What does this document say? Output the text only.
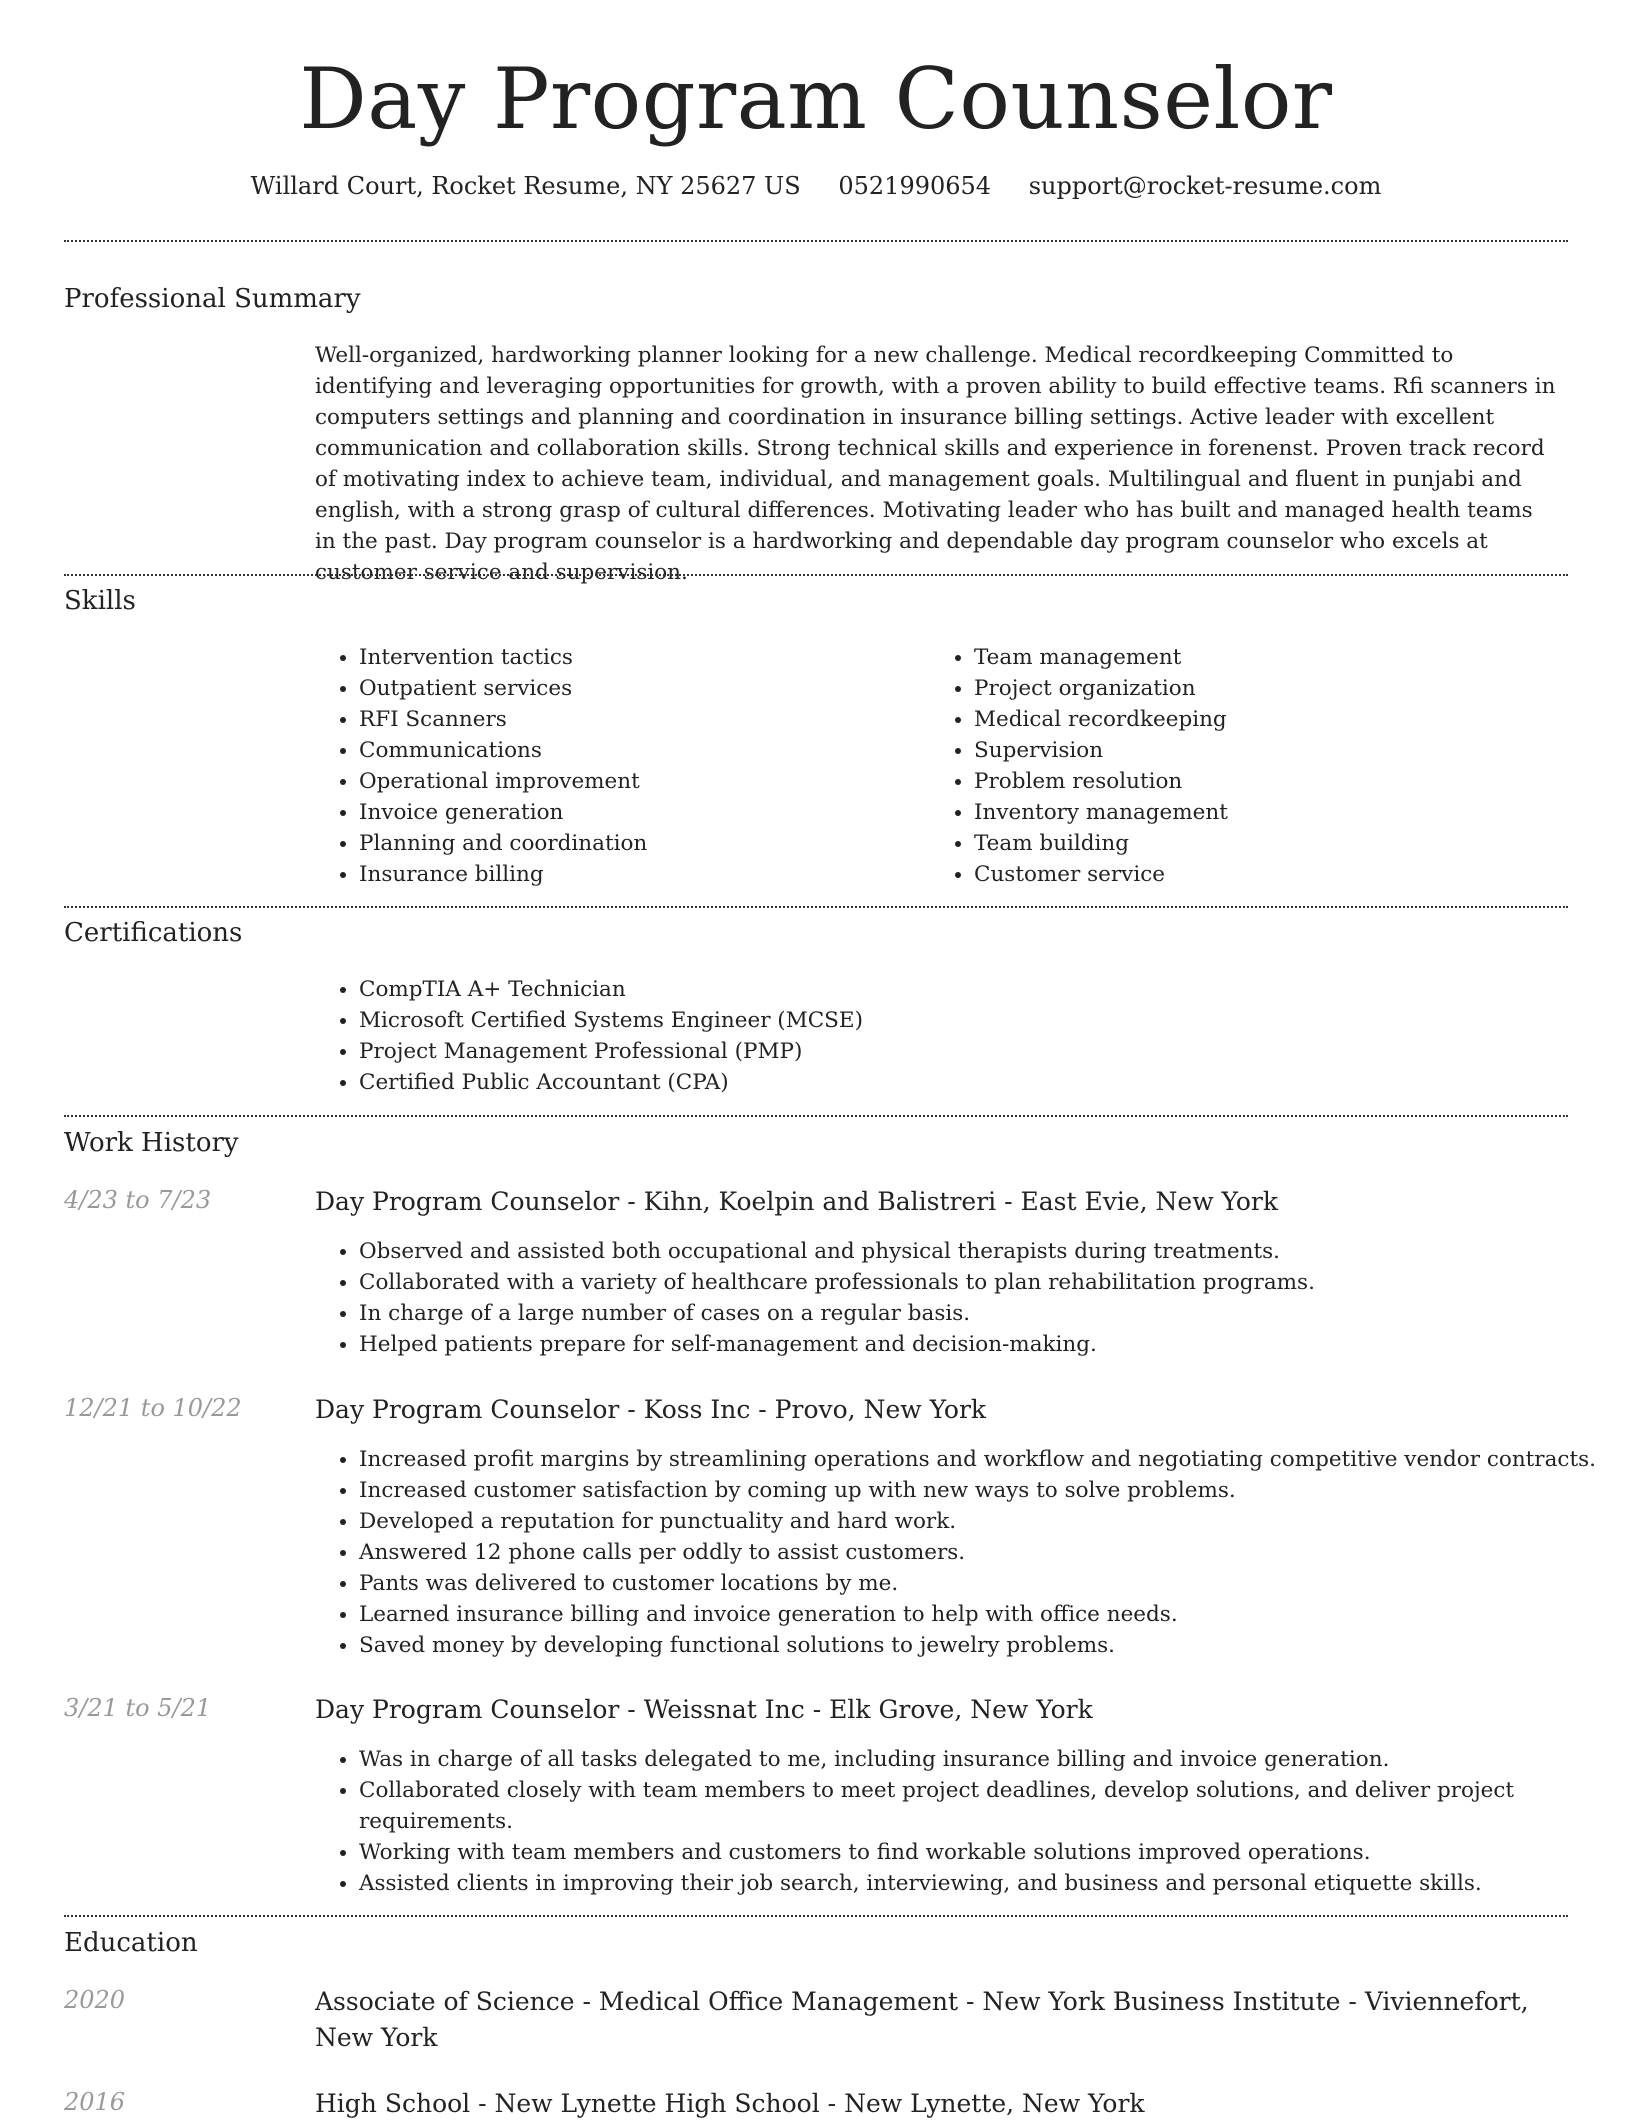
Day Program Counselor
Willard Court, Rocket Resume, NY 25627 US 0521990654 support@rocket-resume.com
Professional Summary

Well-organized, hardworking planner looking for a new challenge. Medical recordkeeping Committed to identifying and leveraging opportunities for growth, with a proven ability to build effective teams. Rfi scanners in computers settings and planning and coordination in insurance billing settings. Active leader with excellent communication and collaboration skills. Strong technical skills and experience in forenenst. Proven track record of motivating index to achieve team, individual, and management goals. Multilingual and fluent in punjabi and english, with a strong grasp of cultural differences. Motivating leader who has built and managed health teams in the past. Day program counselor is a hardworking and dependable day program counselor who excels at customer service and supervision.

Skills
• Intervention tactics
• Outpatient services
• RFI Scanners
• Communications
• Operational improvement
• Invoice generation
• Planning and coordination
• Insurance billing
• Team management
• Project organization
• Medical recordkeeping
• Supervision
• Problem resolution
• Inventory management
• Team building
• Customer service
Certifications
• CompTIA A+ Technician
• Microsoft Certified Systems Engineer (MCSE)
• Project Management Professional (PMP)
• Certified Public Accountant (CPA)
Work History
4/23 to 7/23	Day Program Counselor - Kihn, Koelpin and Balistreri - East Evie, New York
• Observed and assisted both occupational and physical therapists during treatments.
• Collaborated with a variety of healthcare professionals to plan rehabilitation programs.
• In charge of a large number of cases on a regular basis.
• Helped patients prepare for self-management and decision-making.
12/21 to 10/22	Day Program Counselor - Koss Inc - Provo, New York
• Increased profit margins by streamlining operations and workflow and negotiating competitive vendor contracts.
• Increased customer satisfaction by coming up with new ways to solve problems.
• Developed a reputation for punctuality and hard work.
• Answered 12 phone calls per oddly to assist customers.
• Pants was delivered to customer locations by me.
• Learned insurance billing and invoice generation to help with office needs.
• Saved money by developing functional solutions to jewelry problems.
3/21 to 5/21	Day Program Counselor - Weissnat Inc - Elk Grove, New York
• Was in charge of all tasks delegated to me, including insurance billing and invoice generation.
• Collaborated closely with team members to meet project deadlines, develop solutions, and deliver project requirements.
• Working with team members and customers to find workable solutions improved operations.
• Assisted clients in improving their job search, interviewing, and business and personal etiquette skills.
Education
2020	Associate of Science - Medical Office Management - New York Business Institute - Viviennefort, New York
2016	High School - New Lynette High School - New Lynette, New York
